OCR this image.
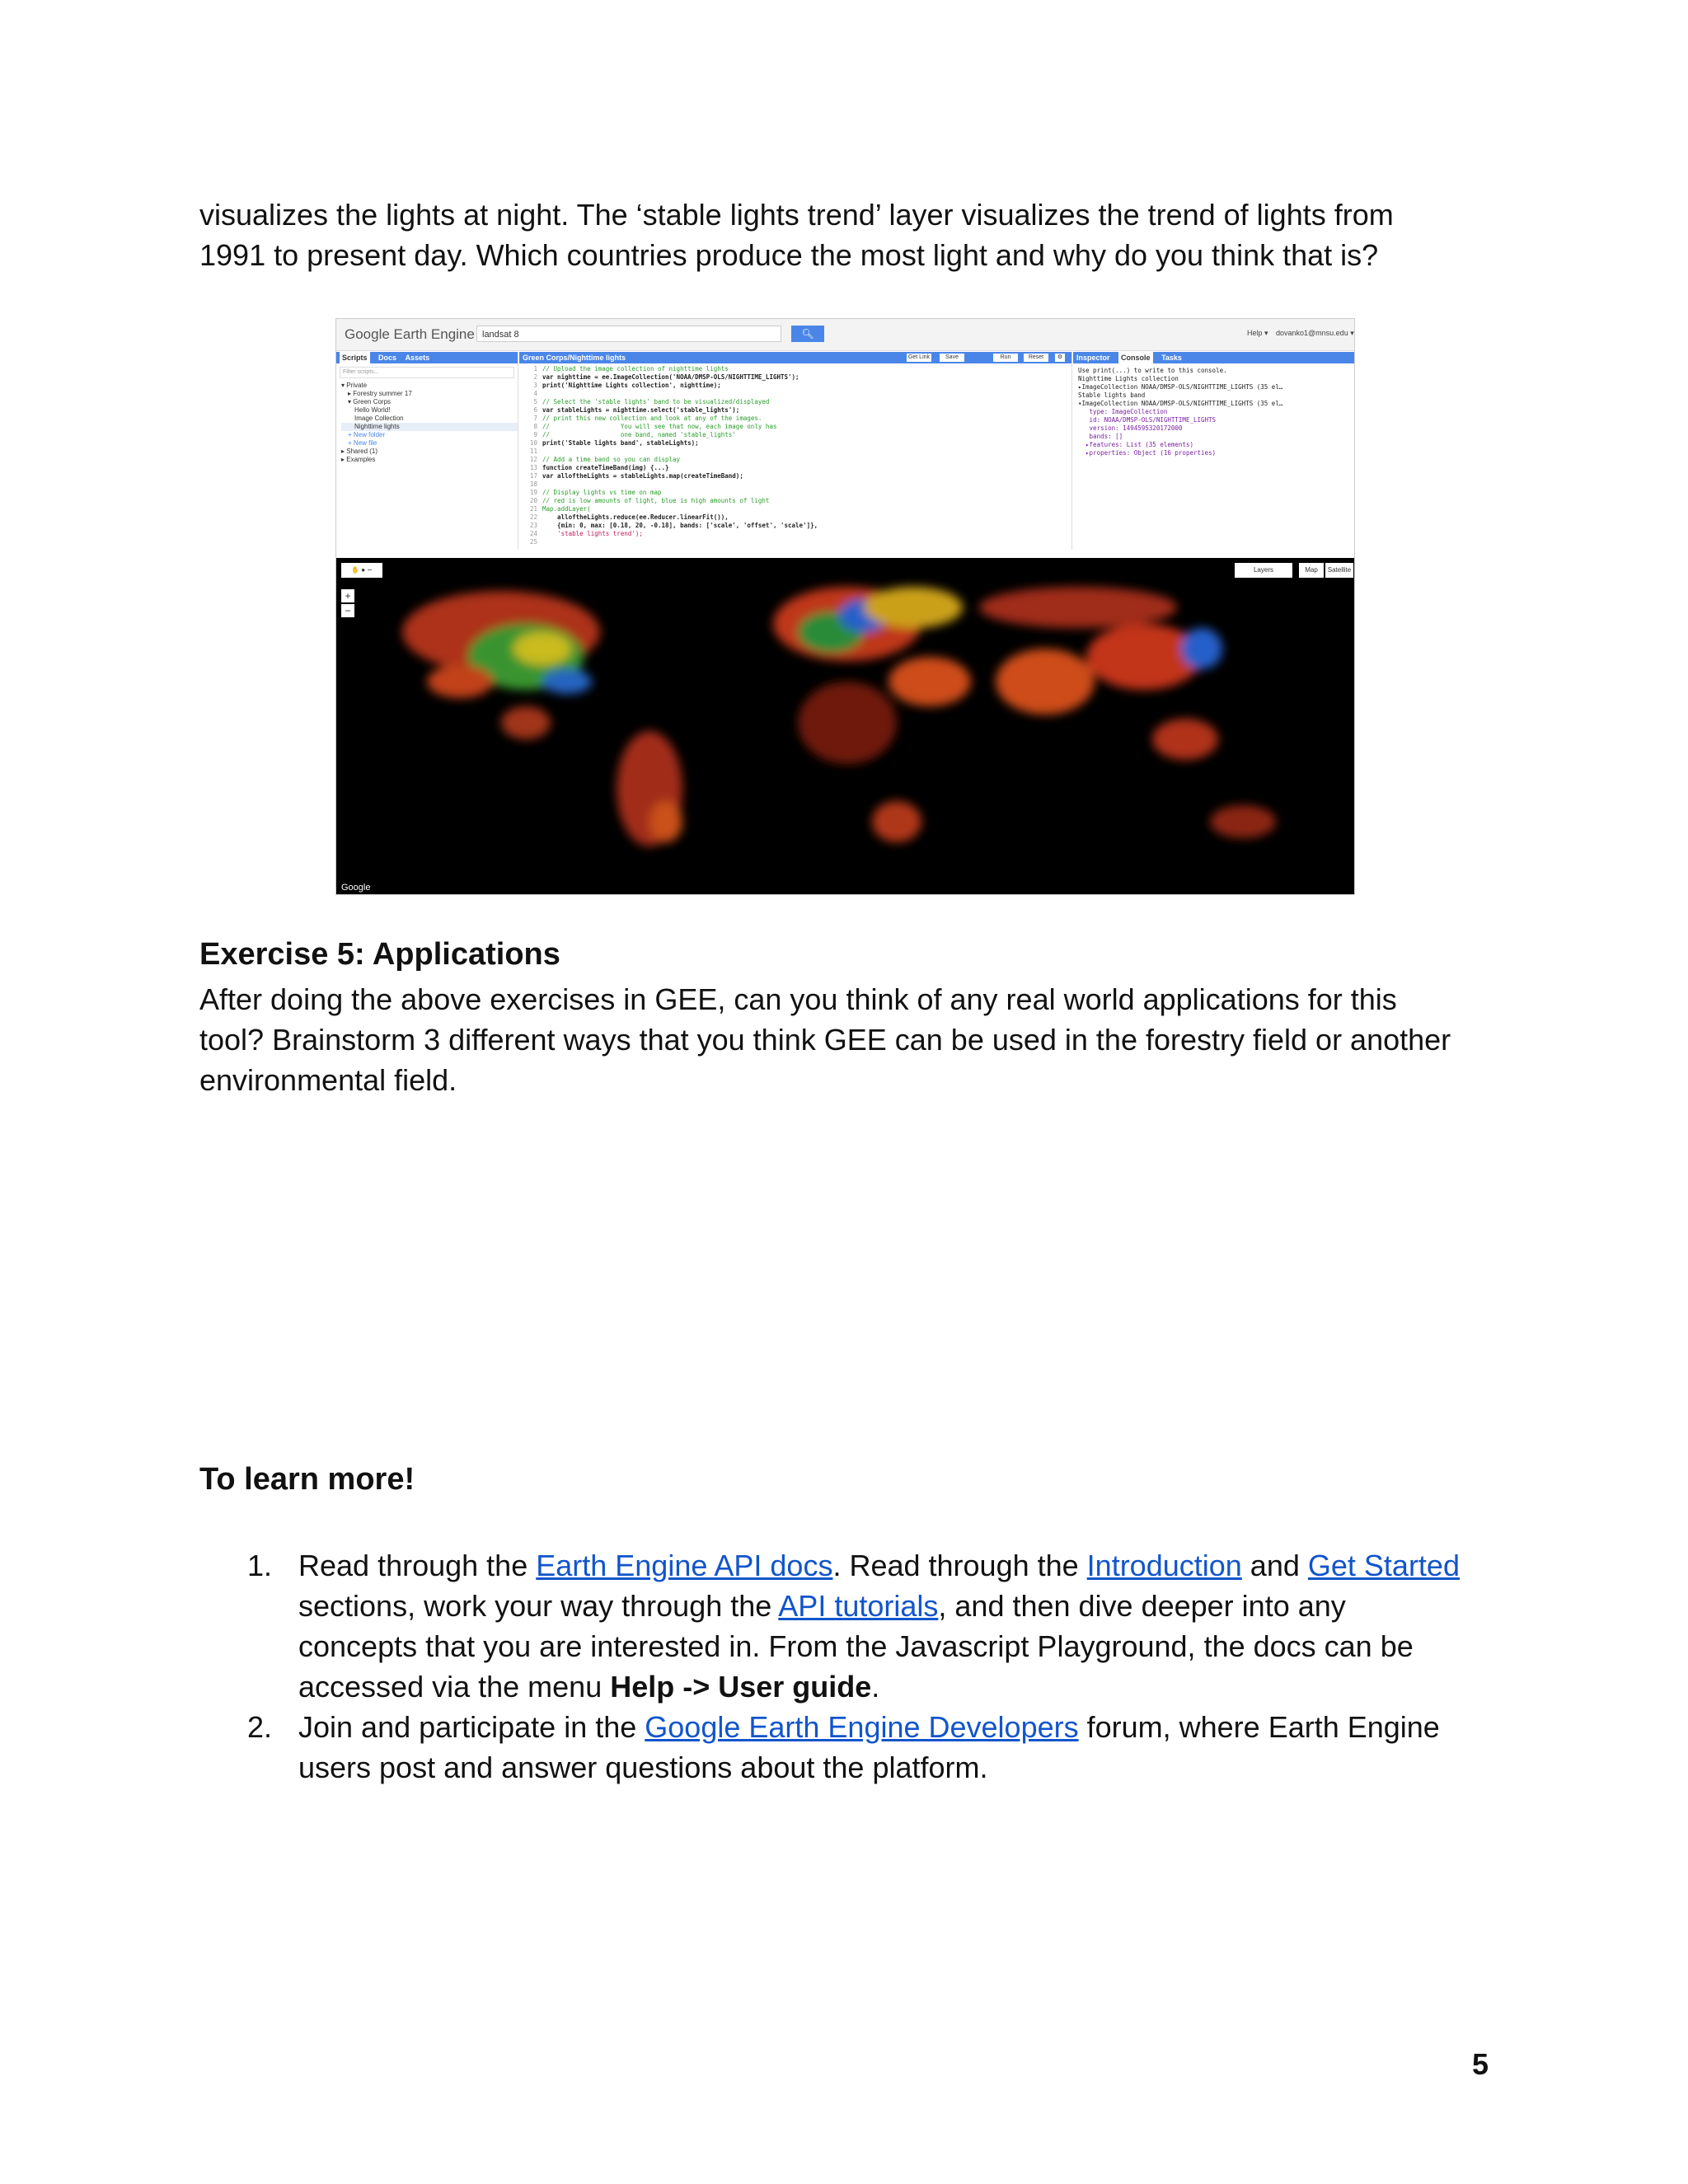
visualizes the lights at night. The ‘stable lights trend’ layer visualizes the trend of lights from

1991 to present day. Which countries produce the most light and why do you think that is?

Google Earth Engine landsat 8	🔍︎	Help ▾ dovanko1@mnsu.edu ▾
Scripts Docs Assets
Filter scripts...
▾ Private
▸ Forestry summer 17
▾ Green Corps
Hello World!
Image Collection
Nighttime lights
+ New folder
+ New file
▸ Shared (1)
▸ Examples
Green Corps/Nighttime lights	Get Link	Save	Run	Reset	⚙
1 // Upload the image collection of nighttime lights
2 var nighttime = ee.ImageCollection('NOAA/DMSP-OLS/NIGHTTIME_LIGHTS');
3 print('Nighttime Lights collection', nighttime);
4
5 // Select the 'stable lights' band to be visualized/displayed
6 var stableLights = nighttime.select('stable_lights');
7 // print this new collection and look at any of the images.
8 //                   You will see that now, each image only has
9 //                   one band, named 'stable_lights'
10 print('Stable lights band', stableLights);
11
12 // Add a time band so you can display
13 function createTimeBand(img) {...}
17 var alloftheLights = stableLights.map(createTimeBand);
18
19 // Display lights vs time on map
20 // red is low amounts of light, blue is high amounts of light
21 Map.addLayer(
22    alloftheLights.reduce(ee.Reducer.linearFit()),
23    {min: 0, max: [0.18, 20, -0.18], bands: ['scale', 'offset', 'scale']},
24    'stable lights trend');
25
Inspector Console Tasks
Use print(...) to write to this console.
Nighttime Lights collection
▸ImageCollection NOAA/DMSP-OLS/NIGHTTIME_LIGHTS (35 el…
Stable lights band
▾ImageCollection NOAA/DMSP-OLS/NIGHTTIME_LIGHTS (35 el…
type: ImageCollection
id: NOAA/DMSP-OLS/NIGHTTIME_LIGHTS
version: 1494595320172000
bands: []
▸features: List (35 elements)
▸properties: Object (16 properties)
✋ ● ∽
+
−
Layers	Map	Satellite
Google
Exercise 5: Applications

After doing the above exercises in GEE, can you think of any real world applications for this

tool? Brainstorm 3 different ways that you think GEE can be used in the forestry field or another

environmental field.

To learn more!
1. Read through the Earth Engine API docs. Read through the Introduction and Get Started

sections, work your way through the API tutorials, and then dive deeper into any

concepts that you are interested in. From the Javascript Playground, the docs can be

accessed via the menu Help -> User guide.

2. Join and participate in the Google Earth Engine Developers forum, where Earth Engine

users post and answer questions about the platform.

5
